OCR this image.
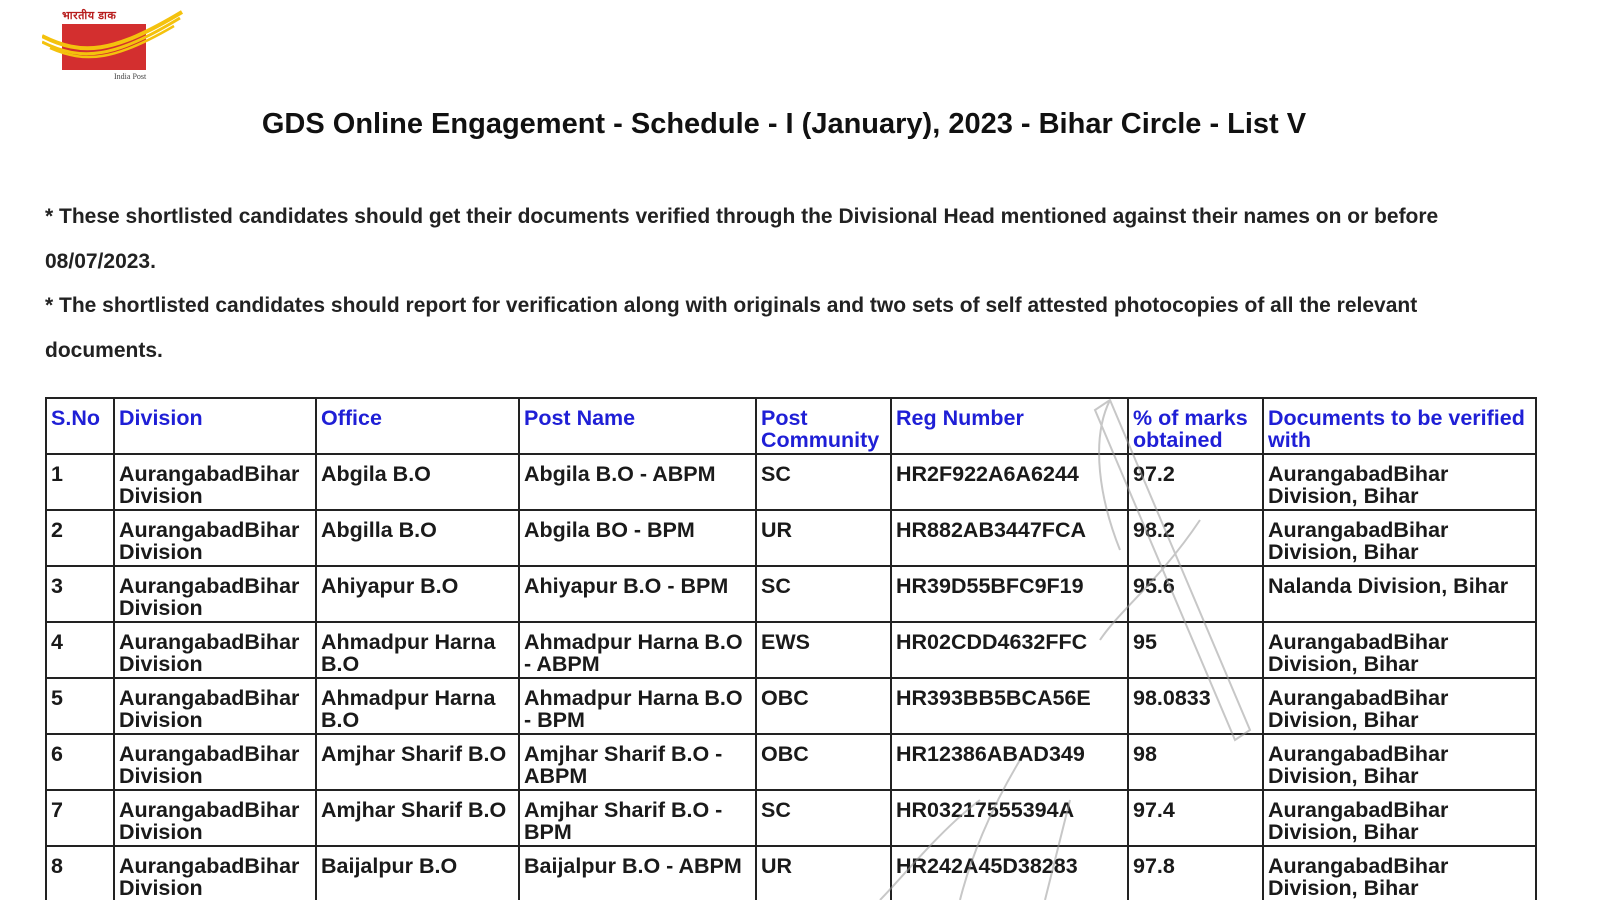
भारतीय डाक
India Post
GDS Online Engagement - Schedule - I (January), 2023 - Bihar Circle - List V

* These shortlisted candidates should get their documents verified through the Divisional Head mentioned against their names on or before 08/07/2023.

* The shortlisted candidates should report for verification along with originals and two sets of self attested photocopies of all the relevant documents.

S.No	Division	Office	Post Name	Post Community	Reg Number	% of marks obtained	Documents to be verified with
1	AurangabadBihar Division	Abgila B.O	Abgila B.O - ABPM	SC	HR2F922A6A6244	97.2	AurangabadBihar Division, Bihar
2	AurangabadBihar Division	Abgilla B.O	Abgila BO - BPM	UR	HR882AB3447FCA	98.2	AurangabadBihar Division, Bihar
3	AurangabadBihar Division	Ahiyapur B.O	Ahiyapur B.O - BPM	SC	HR39D55BFC9F19	95.6	Nalanda Division, Bihar
4	AurangabadBihar Division	Ahmadpur Harna B.O	Ahmadpur Harna B.O - ABPM	EWS	HR02CDD4632FFC	95	AurangabadBihar Division, Bihar
5	AurangabadBihar Division	Ahmadpur Harna B.O	Ahmadpur Harna B.O - BPM	OBC	HR393BB5BCA56E	98.0833	AurangabadBihar Division, Bihar
6	AurangabadBihar Division	Amjhar Sharif B.O	Amjhar Sharif B.O - ABPM	OBC	HR12386ABAD349	98	AurangabadBihar Division, Bihar
7	AurangabadBihar Division	Amjhar Sharif B.O	Amjhar Sharif B.O - BPM	SC	HR03217555394A	97.4	AurangabadBihar Division, Bihar
8	AurangabadBihar Division	Baijalpur B.O	Baijalpur B.O - ABPM	UR	HR242A45D38283	97.8	AurangabadBihar Division, Bihar
